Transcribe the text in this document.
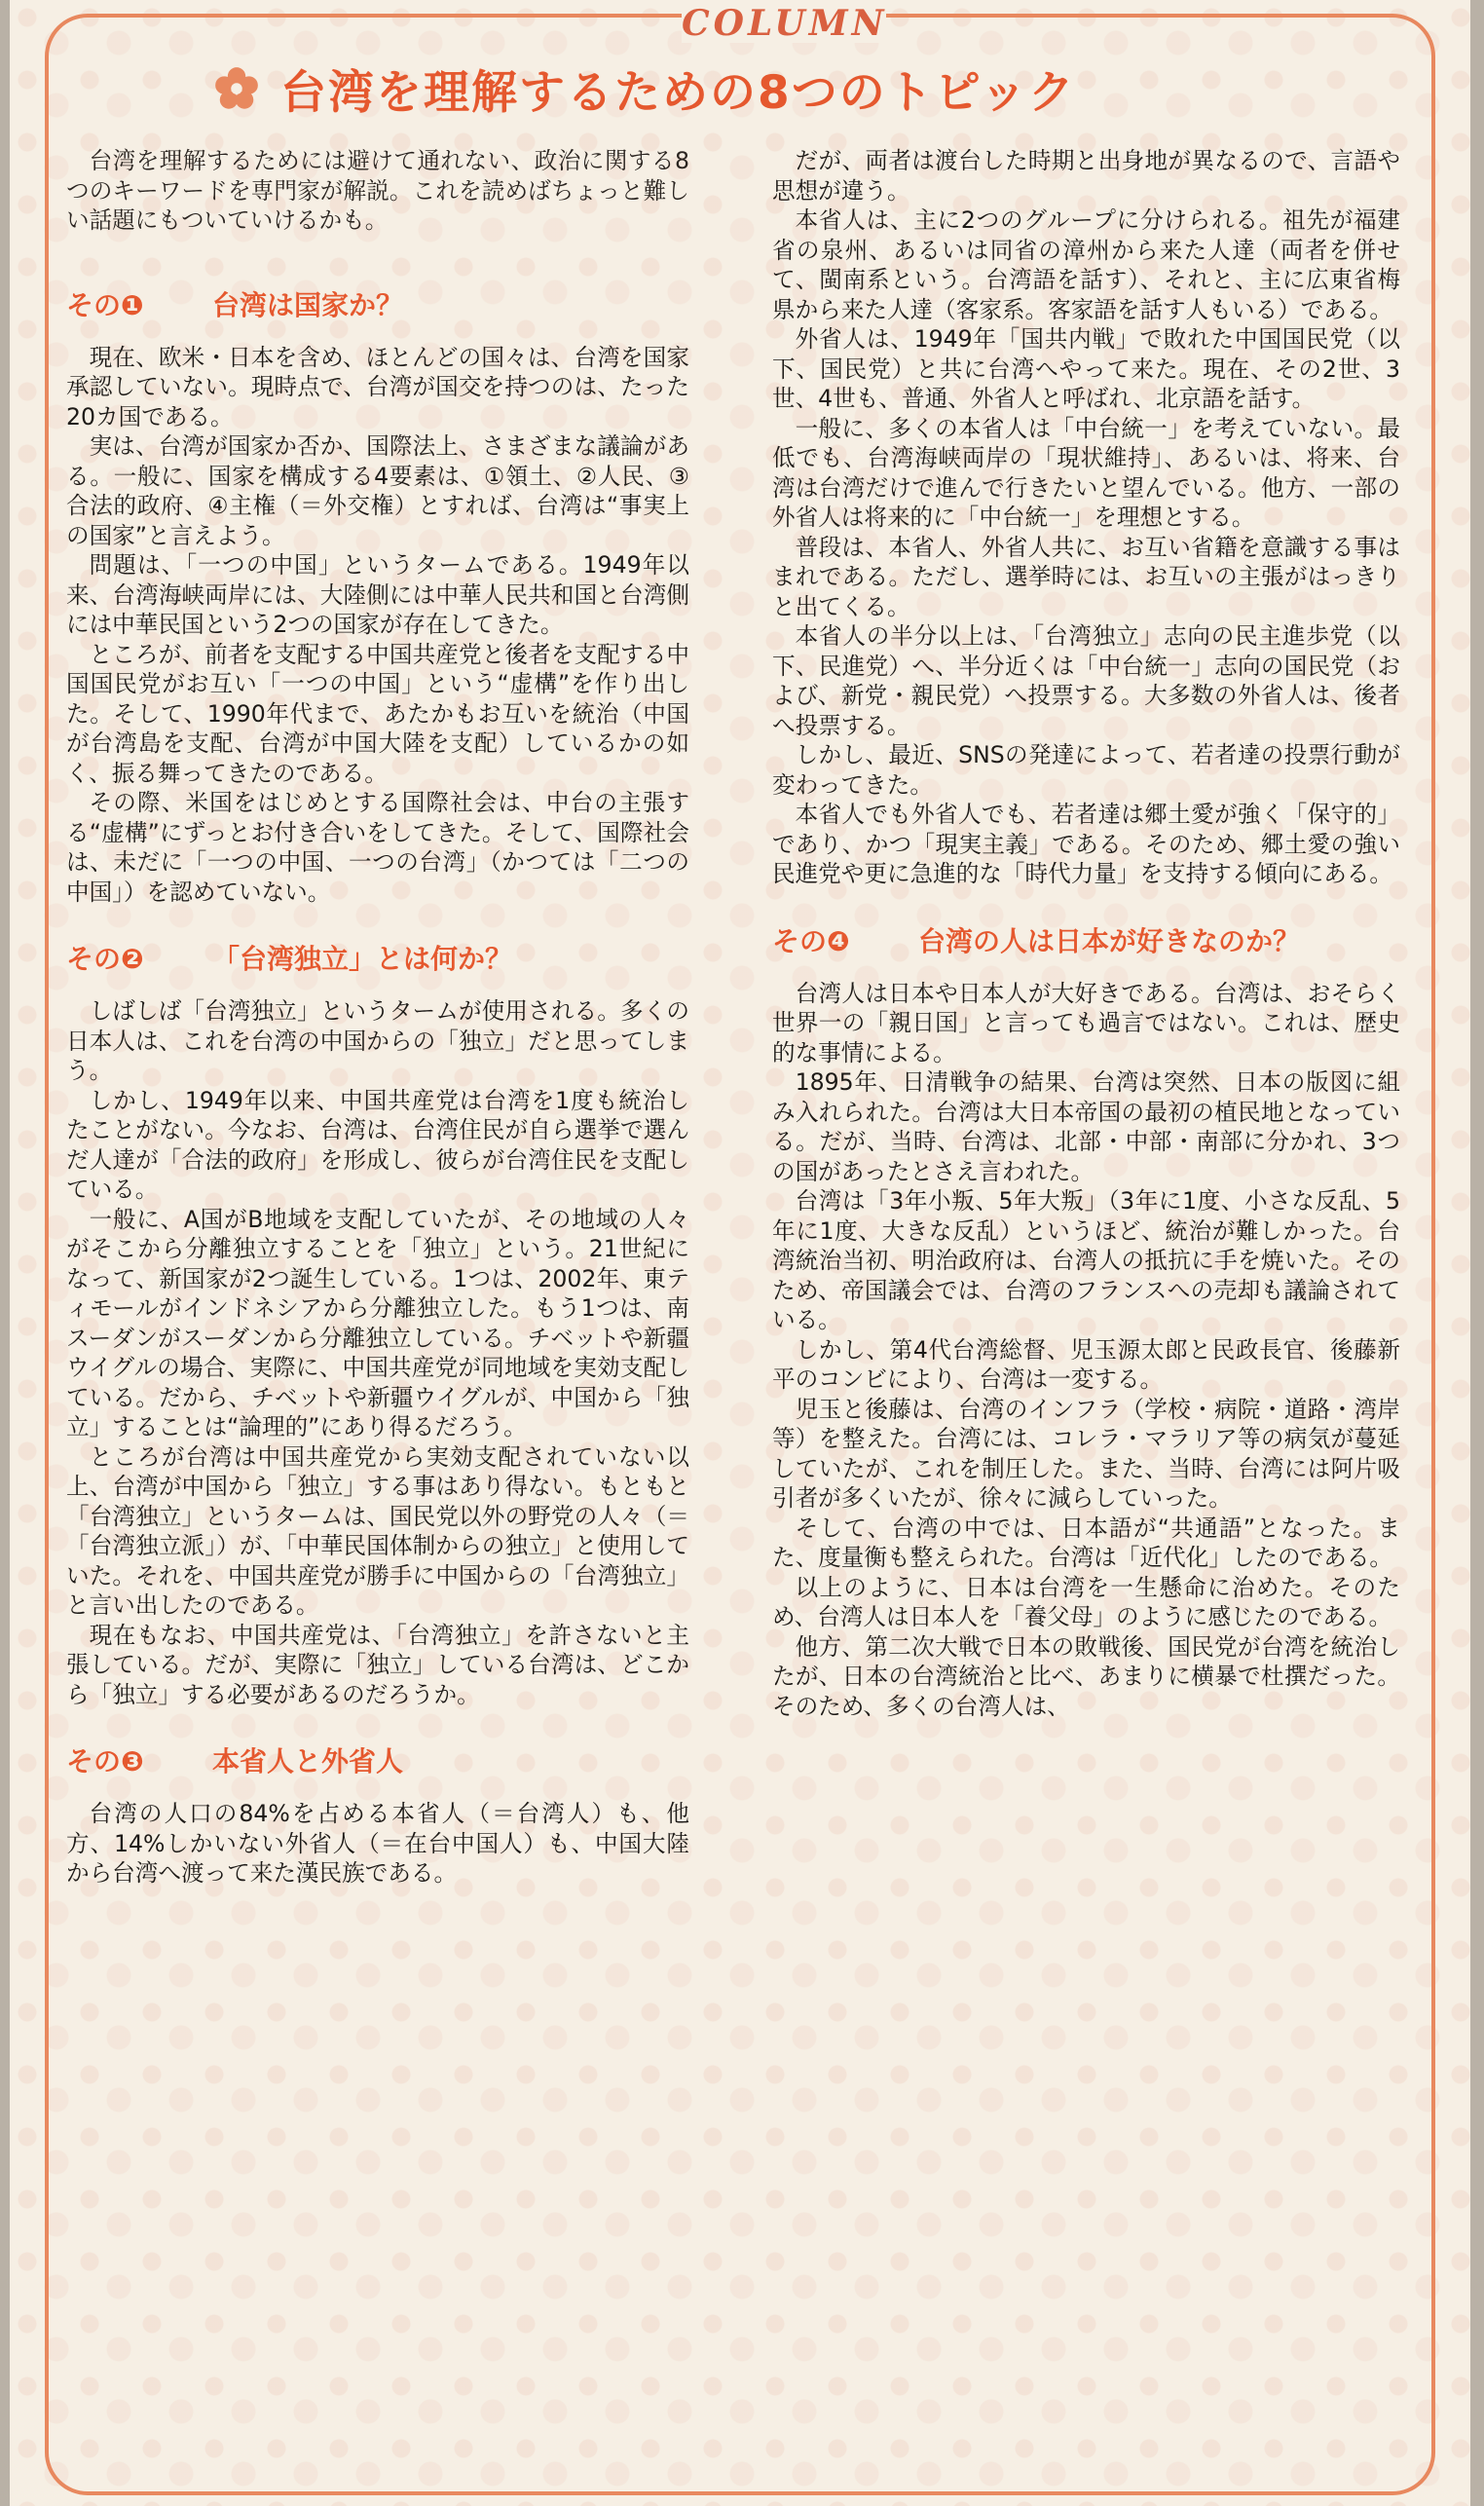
COLUMN
台湾を理解するための8つのトピック

台湾を理解するためには避けて通れない、政治に関する8つのキーワードを専門家が解説。これを読めばちょっと難しい話題にもついていけるかも。

その❶	台湾は国家か？

現在、欧米・日本を含め、ほとんどの国々は、台湾を国家承認していない。現時点で、台湾が国交を持つのは、たった20カ国である。

実は、台湾が国家か否か、国際法上、さまざまな議論がある。一般に、国家を構成する4要素は、①領土、②人民、③合法的政府、④主権（＝外交権）とすれば、台湾は“事実上の国家”と言えよう。

問題は、「一つの中国」というタームである。1949年以来、台湾海峡両岸には、大陸側には中華人民共和国と台湾側には中華民国という2つの国家が存在してきた。

ところが、前者を支配する中国共産党と後者を支配する中国国民党がお互い「一つの中国」という“虚構”を作り出した。そして、1990年代まで、あたかもお互いを統治（中国が台湾島を支配、台湾が中国大陸を支配）しているかの如く、振る舞ってきたのである。

その際、米国をはじめとする国際社会は、中台の主張する“虚構”にずっとお付き合いをしてきた。そして、国際社会は、未だに「一つの中国、一つの台湾」（かつては「二つの中国」）を認めていない。

その❷	「台湾独立」とは何か？

しばしば「台湾独立」というタームが使用される。多くの日本人は、これを台湾の中国からの「独立」だと思ってしまう。

しかし、1949年以来、中国共産党は台湾を1度も統治したことがない。今なお、台湾は、台湾住民が自ら選挙で選んだ人達が「合法的政府」を形成し、彼らが台湾住民を支配している。

一般に、A国がB地域を支配していたが、その地域の人々がそこから分離独立することを「独立」という。21世紀になって、新国家が2つ誕生している。1つは、2002年、東ティモールがインドネシアから分離独立した。もう1つは、南スーダンがスーダンから分離独立している。チベットや新疆ウイグルの場合、実際に、中国共産党が同地域を実効支配している。だから、チベットや新疆ウイグルが、中国から「独立」することは“論理的”にあり得るだろう。

ところが台湾は中国共産党から実効支配されていない以上、台湾が中国から「独立」する事はあり得ない。もともと「台湾独立」というタームは、国民党以外の野党の人々（＝「台湾独立派」）が、「中華民国体制からの独立」と使用していた。それを、中国共産党が勝手に中国からの「台湾独立」と言い出したのである。

現在もなお、中国共産党は、「台湾独立」を許さないと主張している。だが、実際に「独立」している台湾は、どこから「独立」する必要があるのだろうか。

その❸	本省人と外省人

台湾の人口の84%を占める本省人（＝台湾人）も、他方、14%しかいない外省人（＝在台中国人）も、中国大陸から台湾へ渡って来た漢民族である。

だが、両者は渡台した時期と出身地が異なるので、言語や思想が違う。

本省人は、主に2つのグループに分けられる。祖先が福建省の泉州、あるいは同省の漳州から来た人達（両者を併せて、閩南系という。台湾語を話す）、それと、主に広東省梅県から来た人達（客家系。客家語を話す人もいる）である。

外省人は、1949年「国共内戦」で敗れた中国国民党（以下、国民党）と共に台湾へやって来た。現在、その2世、3世、4世も、普通、外省人と呼ばれ、北京語を話す。

一般に、多くの本省人は「中台統一」を考えていない。最低でも、台湾海峡両岸の「現状維持」、あるいは、将来、台湾は台湾だけで進んで行きたいと望んでいる。他方、一部の外省人は将来的に「中台統一」を理想とする。

普段は、本省人、外省人共に、お互い省籍を意識する事はまれである。ただし、選挙時には、お互いの主張がはっきりと出てくる。

本省人の半分以上は、「台湾独立」志向の民主進歩党（以下、民進党）へ、半分近くは「中台統一」志向の国民党（および、新党・親民党）へ投票する。大多数の外省人は、後者へ投票する。

しかし、最近、SNSの発達によって、若者達の投票行動が変わってきた。

本省人でも外省人でも、若者達は郷土愛が強く「保守的」であり、かつ「現実主義」である。そのため、郷土愛の強い民進党や更に急進的な「時代力量」を支持する傾向にある。

その❹	台湾の人は日本が好きなのか？

台湾人は日本や日本人が大好きである。台湾は、おそらく世界一の「親日国」と言っても過言ではない。これは、歴史的な事情による。

1895年、日清戦争の結果、台湾は突然、日本の版図に組み入れられた。台湾は大日本帝国の最初の植民地となっている。だが、当時、台湾は、北部・中部・南部に分かれ、3つの国があったとさえ言われた。

台湾は「3年小叛、5年大叛」（3年に1度、小さな反乱、5年に1度、大きな反乱）というほど、統治が難しかった。台湾統治当初、明治政府は、台湾人の抵抗に手を焼いた。そのため、帝国議会では、台湾のフランスへの売却も議論されている。

しかし、第4代台湾総督、児玉源太郎と民政長官、後藤新平のコンビにより、台湾は一変する。

児玉と後藤は、台湾のインフラ（学校・病院・道路・湾岸等）を整えた。台湾には、コレラ・マラリア等の病気が蔓延していたが、これを制圧した。また、当時、台湾には阿片吸引者が多くいたが、徐々に減らしていった。

そして、台湾の中では、日本語が“共通語”となった。また、度量衡も整えられた。台湾は「近代化」したのである。

以上のように、日本は台湾を一生懸命に治めた。そのため、台湾人は日本人を「養父母」のように感じたのである。

他方、第二次大戦で日本の敗戦後、国民党が台湾を統治したが、日本の台湾統治と比べ、あまりに横暴で杜撰だった。そのため、多くの台湾人は、
